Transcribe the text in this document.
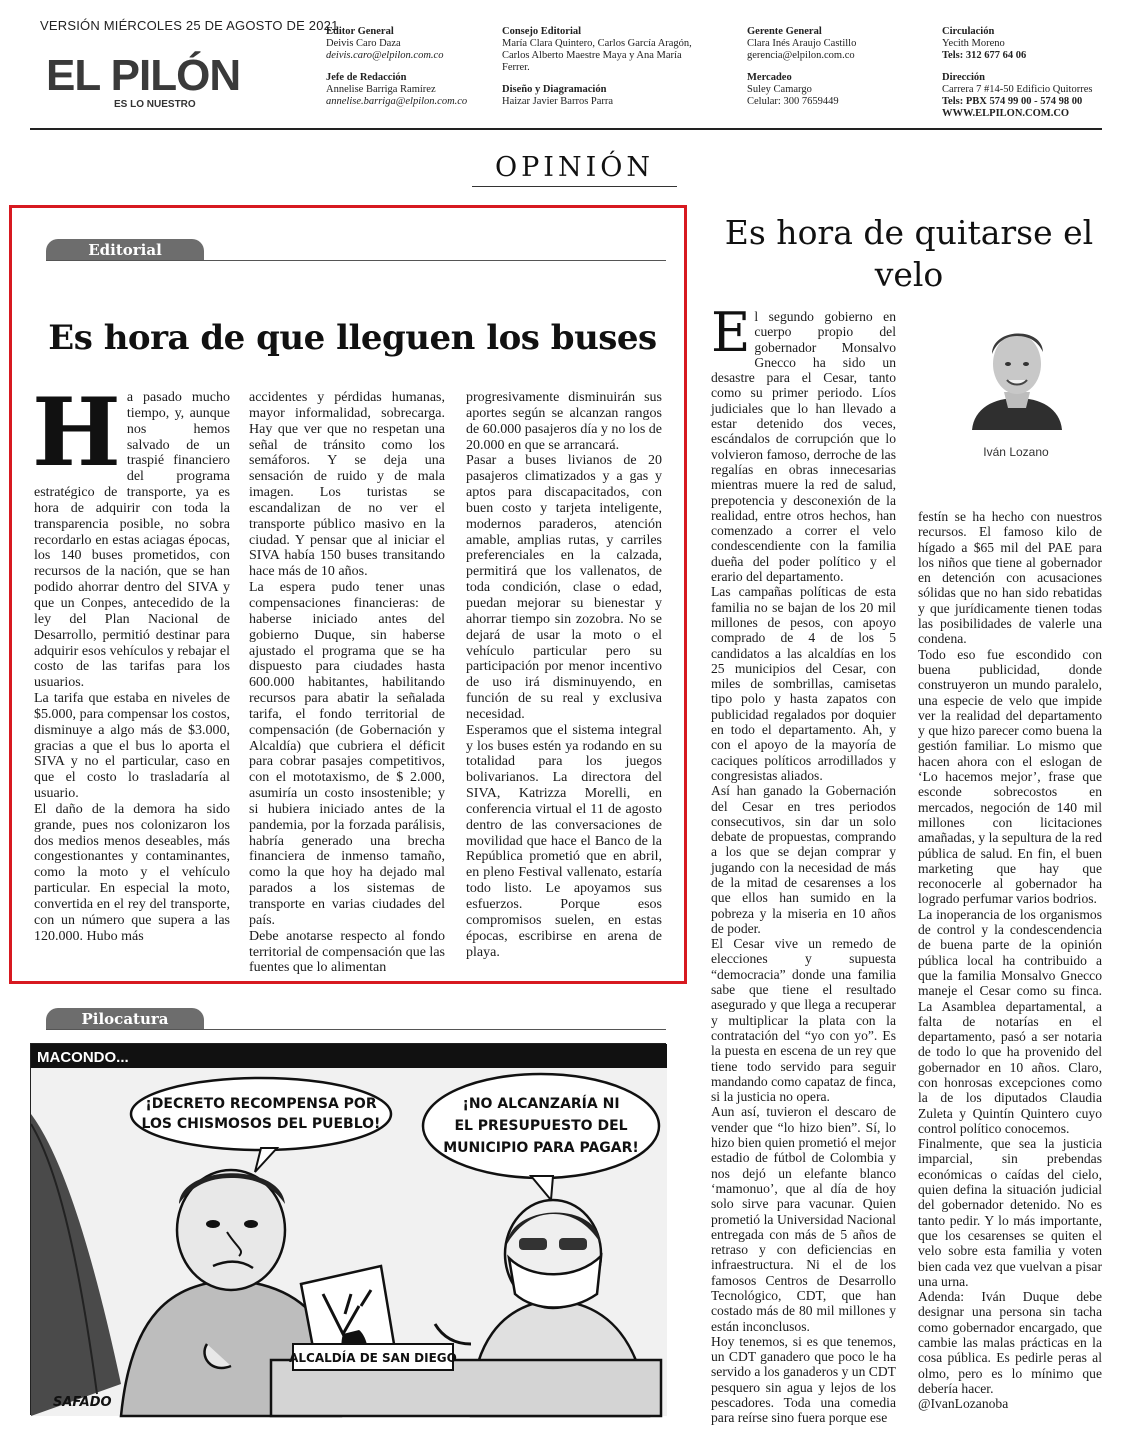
VERSIÓN MIÉRCOLES 25 DE AGOSTO DE 2021
EL PILÓN
ES LO NUESTRO
Editor General
Deivis Caro Daza
deivis.caro@elpilon.com.co
Jefe de Redacción
Annelise Barriga Ramírez
annelise.barriga@elpilon.com.co
Consejo Editorial
María Clara Quintero, Carlos García Aragón,
Carlos Alberto Maestre Maya y Ana María
Ferrer.
Diseño y Diagramación
Haizar Javier Barros Parra
Gerente General
Clara Inés Araujo Castillo
gerencia@elpilon.com.co
Mercadeo
Suley Camargo
Celular: 300 7659449
Circulación
Yecith Moreno
Tels: 312 677 64 06
Dirección
Carrera 7 #14-50 Edificio Quitorres
Tels: PBX 574 99 00 - 574 98 00
WWW.ELPILON.COM.CO
OPINIÓN
Editorial
Es hora de que lleguen los buses
H a pasado mucho tiempo, y, aunque nos hemos salvado de un traspié financiero del programa estratégico de transporte, ya es hora de adquirir con toda la transparencia posible, no sobra recordarlo en estas aciagas épocas, los 140 buses prometidos, con recursos de la nación, que se han podido ahorrar dentro del SIVA y que un Conpes, antecedido de la ley del Plan Nacional de Desarrollo, permitió destinar para adquirir esos vehículos y rebajar el costo de las tarifas para los usuarios.

La tarifa que estaba en niveles de $5.000, para compensar los costos, disminuye a algo más de $3.000, gracias a que el bus lo aporta el SIVA y no el particular, caso en que el costo lo trasladaría al usuario.

El daño de la demora ha sido grande, pues nos colonizaron los dos medios menos deseables, más congestionantes y contaminantes, como la moto y el vehículo particular. En especial la moto, convertida en el rey del transporte, con un número que supera a las 120.000. Hubo más

accidentes y pérdidas humanas, mayor informalidad, sobrecarga. Hay que ver que no respetan una señal de tránsito como los semáforos. Y se deja una sensación de ruido y de mala imagen. Los turistas se escandalizan de no ver el transporte público masivo en la ciudad. Y pensar que al iniciar el SIVA había 150 buses transitando hace más de 10 años.

La espera pudo tener unas compensaciones financieras: de haberse iniciado antes del gobierno Duque, sin haberse ajustado el programa que se ha dispuesto para ciudades hasta 600.000 habitantes, habilitando recursos para abatir la señalada tarifa, el fondo territorial de compensación (de Gobernación y Alcaldía) que cubriera el déficit para cobrar pasajes competitivos, con el mototaxismo, de $ 2.000, asumiría un costo insostenible; y si hubiera iniciado antes de la pandemia, por la forzada parálisis, habría generado una brecha financiera de inmenso tamaño, como la que hoy ha dejado mal parados a los sistemas de transporte en varias ciudades del país.

Debe anotarse respecto al fondo territorial de compensación que las fuentes que lo alimentan

progresivamente disminuirán sus aportes según se alcanzan rangos de 60.000 pasajeros día y no los de 20.000 en que se arrancará.

Pasar a buses livianos de 20 pasajeros climatizados y a gas y aptos para discapacitados, con buen costo y tarjeta inteligente, modernos paraderos, atención amable, amplias rutas, y carriles preferenciales en la calzada, permitirá que los vallenatos, de toda condición, clase o edad, puedan mejorar su bienestar y ahorrar tiempo sin zozobra. No se dejará de usar la moto o el vehículo particular pero su participación por menor incentivo de uso irá disminuyendo, en función de su real y exclusiva necesidad.

Esperamos que el sistema integral y los buses estén ya rodando en su totalidad para los juegos bolivarianos. La directora del SIVA, Katrizza Morelli, en conferencia virtual el 11 de agosto dentro de las conversaciones de movilidad que hace el Banco de la República prometió que en abril, en pleno Festival vallenato, estaría todo listo. Le apoyamos sus esfuerzos. Porque esos compromisos suelen, en estas épocas, escribirse en arena de playa.

Es hora de quitarse el
velo
Iván Lozano
E l segundo gobierno en cuerpo propio del gobernador Monsalvo Gnecco ha sido un desastre para el Cesar, tanto como su primer periodo. Líos judiciales que lo han llevado a estar detenido dos veces, escándalos de corrupción que lo volvieron famoso, derroche de las regalías en obras innecesarias mientras muere la red de salud, prepotencia y desconexión de la realidad, entre otros hechos, han comenzado a correr el velo condescendiente con la familia dueña del poder político y el erario del departamento.

Las campañas políticas de esta familia no se bajan de los 20 mil millones de pesos, con apoyo comprado de 4 de los 5 candidatos a las alcaldías en los 25 municipios del Cesar, con miles de sombrillas, camisetas tipo polo y hasta zapatos con publicidad regalados por doquier en todo el departamento. Ah, y con el apoyo de la mayoría de caciques políticos arrodillados y congresistas aliados.

Así han ganado la Gobernación del Cesar en tres periodos consecutivos, sin dar un solo debate de propuestas, comprando a los que se dejan comprar y jugando con la necesidad de más de la mitad de cesarenses a los que ellos han sumido en la pobreza y la miseria en 10 años de poder.

El Cesar vive un remedo de elecciones y supuesta “democracia” donde una familia sabe que tiene el resultado asegurado y que llega a recuperar y multiplicar la plata con la contratación del “yo con yo”. Es la puesta en escena de un rey que tiene todo servido para seguir mandando como capataz de finca, si la justicia no opera.

Aun así, tuvieron el descaro de vender que “lo hizo bien”. Sí, lo hizo bien quien prometió el mejor estadio de fútbol de Colombia y nos dejó un elefante blanco ‘mamonuo’, que al día de hoy solo sirve para vacunar. Quien prometió la Universidad Nacional entregada con más de 5 años de retraso y con deficiencias en infraestructura. Ni el de los famosos Centros de Desarrollo Tecnológico, CDT, que han costado más de 80 mil millones y están inconclusos.

Hoy tenemos, si es que tenemos, un CDT ganadero que poco le ha servido a los ganaderos y un CDT pesquero sin agua y lejos de los pescadores. Toda una comedia para reírse sino fuera porque ese

festín se ha hecho con nuestros recursos. El famoso kilo de hígado a $65 mil del PAE para los niños que tiene al gobernador en detención con acusaciones sólidas que no han sido rebatidas y que jurídicamente tienen todas las posibilidades de valerle una condena.

Todo eso fue escondido con buena publicidad, donde construyeron un mundo paralelo, una especie de velo que impide ver la realidad del departamento y que hizo parecer como buena la gestión familiar. Lo mismo que hacen ahora con el eslogan de ‘Lo hacemos mejor’, frase que esconde sobrecostos en mercados, negoción de 140 mil millones con licitaciones amañadas, y la sepultura de la red pública de salud. En fin, el buen marketing que hay que reconocerle al gobernador ha logrado perfumar varios bodrios.

La inoperancia de los organismos de control y la condescendencia de buena parte de la opinión pública local ha contribuido a que la familia Monsalvo Gnecco maneje el Cesar como su finca. La Asamblea departamental, a falta de notarías en el departamento, pasó a ser notaria de todo lo que ha provenido del gobernador en 10 años. Claro, con honrosas excepciones como la de los diputados Claudia Zuleta y Quintín Quintero cuyo control político conocemos.

Finalmente, que sea la justicia imparcial, sin prebendas económicas o caídas del cielo, quien defina la situación judicial del gobernador detenido. No es tanto pedir. Y lo más importante, que los cesarenses se quiten el velo sobre esta familia y voten bien cada vez que vuelvan a pisar una urna.

Adenda: Iván Duque debe designar una persona sin tacha como gobernador encargado, que cambie las malas prácticas en la cosa pública. Es pedirle peras al olmo, pero es lo mínimo que debería hacer.

@IvanLozanoba

Pilocatura
MACONDO...
¡DECRETO RECOMPENSA POR
LOS CHISMOSOS DEL PUEBLO!
¡NO ALCANZARÍA NI
EL PRESUPUESTO DEL
MUNICIPIO PARA PAGAR!
ALCALDÍA DE SAN DIEGO
SAFADO
